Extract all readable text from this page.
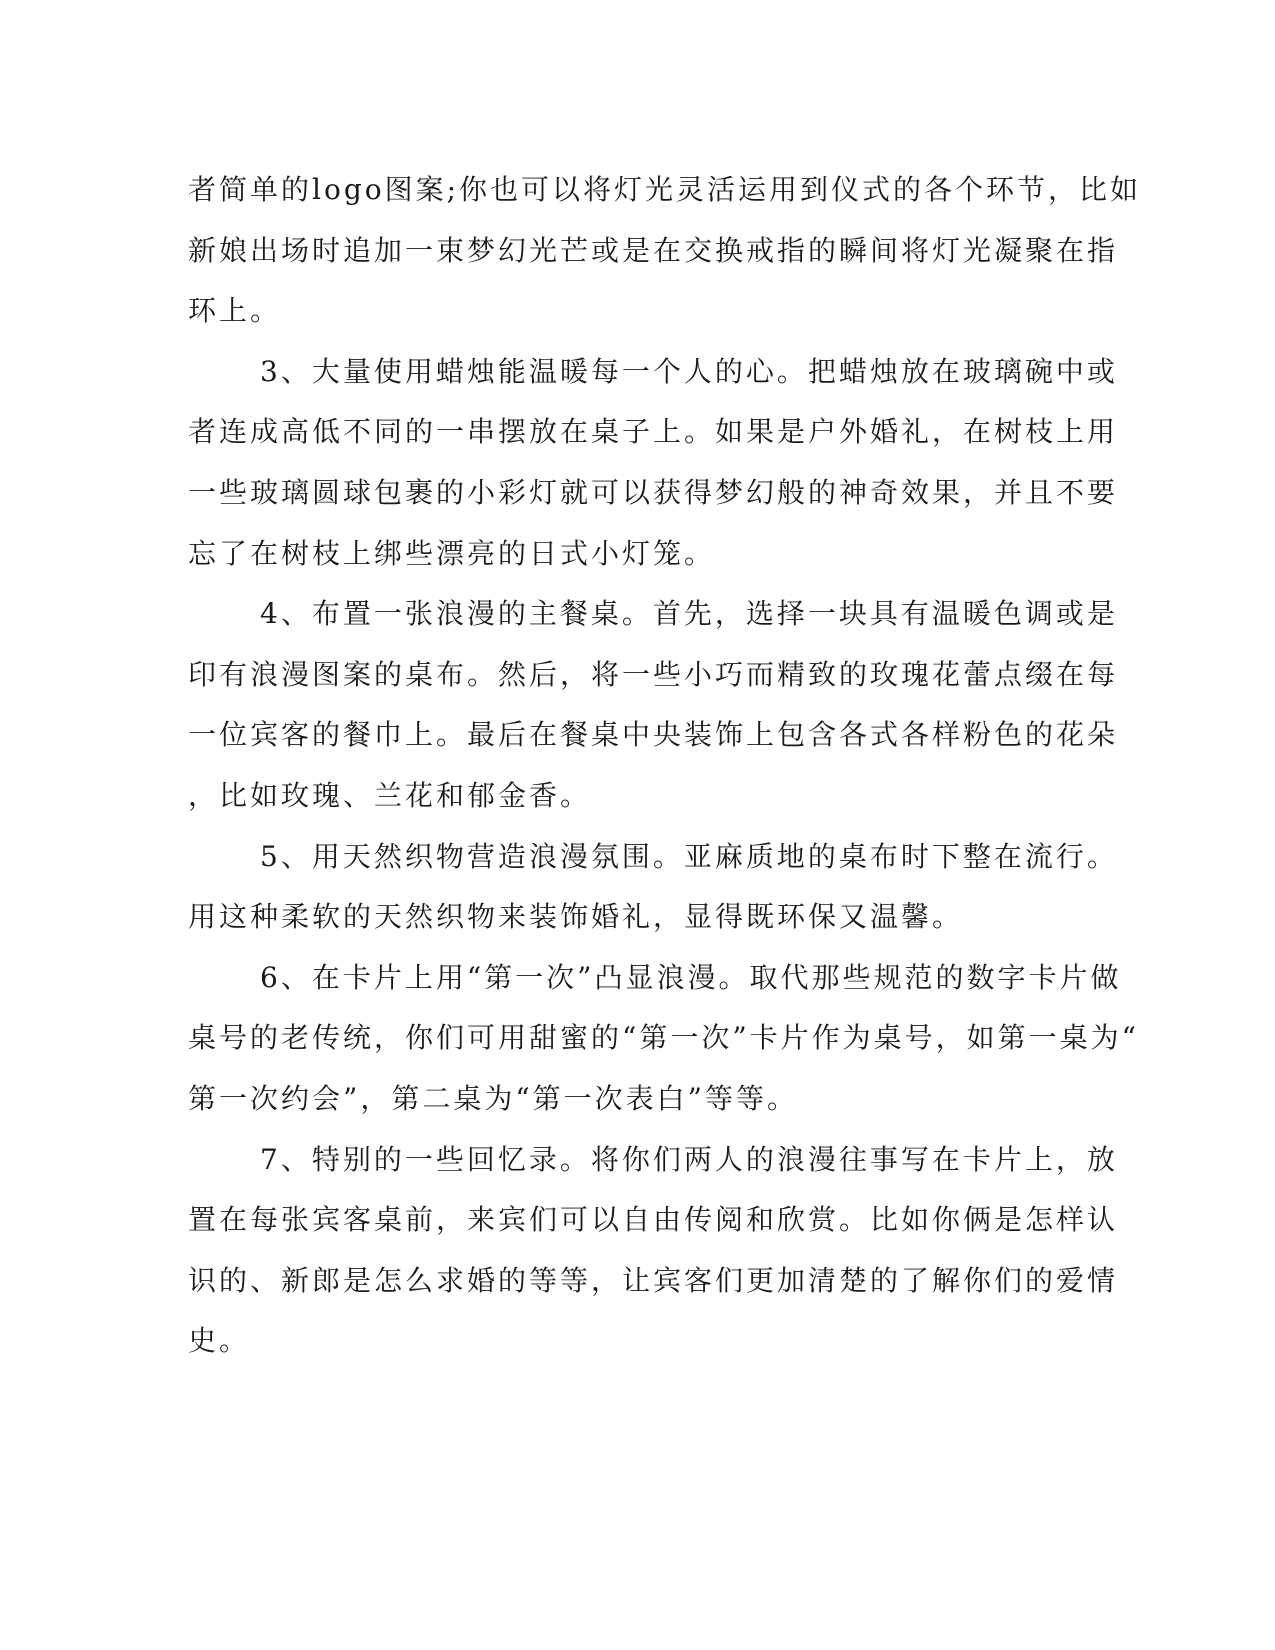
者简单的logo图案;你也可以将灯光灵活运用到仪式的各个环节，比如
新娘出场时追加一束梦幻光芒或是在交换戒指的瞬间将灯光凝聚在指
环上。
3、大量使用蜡烛能温暖每一个人的心。把蜡烛放在玻璃碗中或
者连成高低不同的一串摆放在桌子上。如果是户外婚礼，在树枝上用
一些玻璃圆球包裹的小彩灯就可以获得梦幻般的神奇效果，并且不要
忘了在树枝上绑些漂亮的日式小灯笼。
4、布置一张浪漫的主餐桌。首先，选择一块具有温暖色调或是
印有浪漫图案的桌布。然后，将一些小巧而精致的玫瑰花蕾点缀在每
一位宾客的餐巾上。最后在餐桌中央装饰上包含各式各样粉色的花朵
，比如玫瑰、兰花和郁金香。
5、用天然织物营造浪漫氛围。亚麻质地的桌布时下整在流行。
用这种柔软的天然织物来装饰婚礼，显得既环保又温馨。
6、在卡片上用“第一次”凸显浪漫。取代那些规范的数字卡片做
桌号的老传统，你们可用甜蜜的“第一次”卡片作为桌号，如第一桌为“
第一次约会”，第二桌为“第一次表白”等等。
7、特别的一些回忆录。将你们两人的浪漫往事写在卡片上，放
置在每张宾客桌前，来宾们可以自由传阅和欣赏。比如你俩是怎样认
识的、新郎是怎么求婚的等等，让宾客们更加清楚的了解你们的爱情
史。
